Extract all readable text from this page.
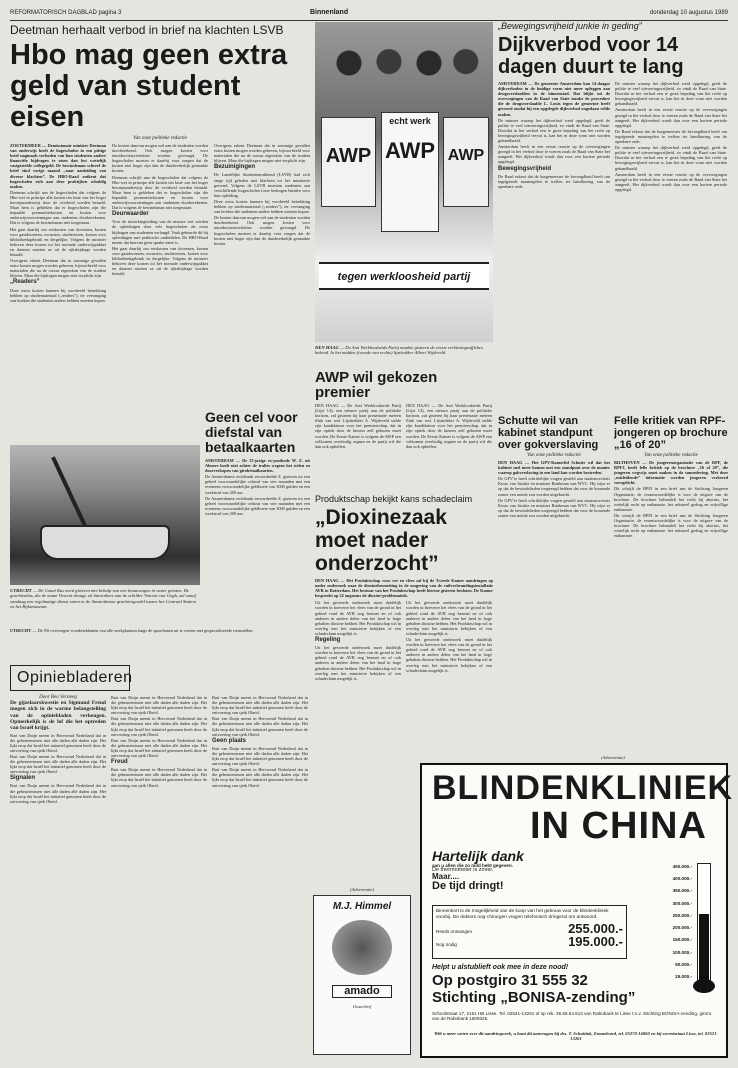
REFORMATORISCH DAGBLAD pagina 3	Binnenland	donderdag 10 augustus 1989
Deetman herhaalt verbod in brief na klachten LSVB
Hbo mag geen extra geld van student eisen
Van onze politieke redactie

ZOETERMEER — Demissionair minister Deetman van onderwijs heeft de hogescholen in een pittige brief nogmaals verboden van hun studenten andere financiële bijdragen te eisen dan het wettelijk vastgestelde collegegeld. De bewindsman schreef de brief eind vorige maand „naar aanleiding van diverse klachten”. De HBO-Raad ontkent dat hogescholen zich aan deze praktijken schuldig maken.

Deetman schrijft aan de hogescholen dat volgens de Hbo-wet in principe alle kosten ten laste van het hoger beroepsonderwijs door de overheid worden betaald. Maar hem is gebleken dat er hogescholen zijn die bepaalde premonitiekosten en kosten voor onderwijsvoorzieningen aan studenten doorberekenen. Dat is volgens de bewindsman niet toegestaan.

Het gaat daarbij om reiskosten van docenten, kosten voor gastdocenten, excursies, studiereizen, kosten voor bibliotheekgebruik en dergelijke. Volgens de minister behoren deze kosten tot het normale onderwijspakket en daarom moeten ze uit de rijksbijdrage worden betaald.

Overigens erkent Deetman dat in sommige gevallen extra kosten mogen worden geheven, bijvoorbeeld voor materialen die na de cursus eigendom van de student blijven. Maar die bijdragen mogen niet verplicht zijn.

„Readers”

Deze extra kosten kunnen bij voorbeeld betrekking hebben op studiemateriaal („readers”), ter vervanging van boeken die studenten anders hebben moeten kopen.

De kosten daarvan mogen wel aan de studenten worden doorberekend. Ook mogen kosten voor introductieactiviteiten worden gevraagd. De hogescholen moeten er daarbij voor zorgen dat de kosten niet hoger zijn dan de daadwerkelijk gemaakte kosten.

Deetman schrijft aan de hogescholen dat volgens de Hbo-wet in principe alle kosten ten laste van het hoger beroepsonderwijs door de overheid worden betaald. Maar hem is gebleken dat er hogescholen zijn die bepaalde premonitiekosten en kosten voor onderwijsvoorzieningen aan studenten doorberekenen. Dat is volgens de bewindsman niet toegestaan.

Deurwaarder

Voor de inwerkingtreding van de nieuwe wet werden de opleidingen door vele hogescholen als extra bijdragen van studenten verlangd. Vaak gebeurde dit bij opleidingen met praktische onderdelen. De HBO-Raad meent dat hiervan geen sprake meer is.

Het gaat daarbij om reiskosten van docenten, kosten voor gastdocenten, excursies, studiereizen, kosten voor bibliotheekgebruik en dergelijke. Volgens de minister behoren deze kosten tot het normale onderwijspakket en daarom moeten ze uit de rijksbijdrage worden betaald.

Overigens erkent Deetman dat in sommige gevallen extra kosten mogen worden geheven, bijvoorbeeld voor materialen die na de cursus eigendom van de student blijven. Maar die bijdragen mogen niet verplicht zijn.

Bezuinigingen

De Landelijke Studentenvakbond (LSVB) had zich enige tijd geleden met klachten tot het ministerie gewend. Volgens de LSVB moesten studenten aan verschillende hogescholen forse bedragen betalen voor hun opleiding.

Deze extra kosten kunnen bij voorbeeld betrekking hebben op studiemateriaal („readers”), ter vervanging van boeken die studenten anders hebben moeten kopen.

De kosten daarvan mogen wel aan de studenten worden doorberekend. Ook mogen kosten voor introductieactiviteiten worden gevraagd. De hogescholen moeten er daarbij voor zorgen dat de kosten niet hoger zijn dan de daadwerkelijk gemaakte kosten.

AWP
echt werk
AWP AWP
tegen werkloosheid partij
DEN HAAG — De Anti Werkloosheids Partij maakte gisteren de eerste verkiezingsaffiches bekend. In het midden (tweede van rechts) lijsttrekker Albert Wijdeveld.
„Bewegingsvrijheid junkie in geding”
Dijkverbod voor 14 dagen duurt te lang

AMSTERDAM — De gemeente Amsterdam kan 14-daagse dijkverboden in de huidige vorm niet meer opleggen aan drugsverslaafden in de binnenstad. Dat blijkt uit de overwegingen van de Raad van State inzake de procedure die de drugsverslaafde L. Louis tegen de gemeente heeft gevoerd omdat hij een opgelegde dijkverbod ongedaan wilde maken.

De minster waarop het dijkverbod werd opgelegd, geeft de politie te veel uitvoeringsvrijheid, zo vindt de Raad van State. Doordat in het verbod een te grote bepaling van het recht op bewegingsvrijheid vervat is, kan het in deze vorm niet worden gehandhaafd.

Amsterdam heeft in een eerste reactie op de overwegingen gezegd in het verbod door te voeren zoals de Raad van State het aangeeft. Het dijkverbod wordt dan voor een kortere periode opgelegd.

Bewegingsvrijheid

De Raad erkent dat de burgemeester de bevoegdheid heeft om ingrijpende maatregelen te treffen ter handhaving van de openbare orde.

De minster waarop het dijkverbod werd opgelegd, geeft de politie te veel uitvoeringsvrijheid, zo vindt de Raad van State. Doordat in het verbod een te grote bepaling van het recht op bewegingsvrijheid vervat is, kan het in deze vorm niet worden gehandhaafd.

Amsterdam heeft in een eerste reactie op de overwegingen gezegd in het verbod door te voeren zoals de Raad van State het aangeeft. Het dijkverbod wordt dan voor een kortere periode opgelegd.

De Raad erkent dat de burgemeester de bevoegdheid heeft om ingrijpende maatregelen te treffen ter handhaving van de openbare orde.

De minster waarop het dijkverbod werd opgelegd, geeft de politie te veel uitvoeringsvrijheid, zo vindt de Raad van State. Doordat in het verbod een te grote bepaling van het recht op bewegingsvrijheid vervat is, kan het in deze vorm niet worden gehandhaafd.

Amsterdam heeft in een eerste reactie op de overwegingen gezegd in het verbod door te voeren zoals de Raad van State het aangeeft. Het dijkverbod wordt dan voor een kortere periode opgelegd.

AWP wil gekozen premier

DEN HAAG — De Anti Werkloosheids Partij (Lijst 14), een nieuwe partij aan de politieke horizon, zal gisteren bij haar presentatie meteen flink van wal. Lijsttrekker A. Wijdeveld stelde zijn kandidatuur voor het premierschap, dat in zijn optiek door de kiezers zelf gekozen moet worden. De Eerste Kamer is volgens de AWP een volkomen overbodig orgaan en de partij wil die dan ook opheffen.

DEN HAAG — De Anti Werkloosheids Partij (Lijst 14), een nieuwe partij aan de politieke horizon, zal gisteren bij haar presentatie meteen flink van wal. Lijsttrekker A. Wijdeveld stelde zijn kandidatuur voor het premierschap, dat in zijn optiek door de kiezers zelf gekozen moet worden. De Eerste Kamer is volgens de AWP een volkomen overbodig orgaan en de partij wil die dan ook opheffen.

Geen cel voor diefstal van betaalkaarten

AMSTERDAM — De 33-jarige ex-postbode W. Z. uit Almere hoeft niet achter de tralies wegens het stelen en doorverkopen van girobetaalkaarten.

De Amsterdamse rechtbank veroordeelde Z. gisteren tot een geheel voorwaardelijke celstraf van vier maanden met een eveneens voorwaardelijke geldboete van 3000 gulden en een werkstraf van 200 uur.

De Amsterdamse rechtbank veroordeelde Z. gisteren tot een geheel voorwaardelijke celstraf van vier maanden met een eveneens voorwaardelijke geldboete van 3000 gulden en een werkstraf van 200 uur.

UTRECHT — De Canal Bus werd gisteren met behulp van een kraanwagen in water gelaten. De grachtenbus, die de maan Vincent draagt, zit binnenkort aan de schilder Vincent van Gogh, zal vanaf vandaag een regelmatige dienst varen in de Amsterdamse grachtengordel tussen het Centraal Station en het Rijksmuseum.
UTRECHT — De NS overwegen voordeurklanten van alle werkplaatsen langs de spoorbanen uit te voeren met gespecialiseerde treinstellen.
Schutte wil van kabinet standpunt over gokverslaving
Van onze politieke redactie

DEN HAAG — Het GPV-Kamerlid Schutte wil dat het kabinet snel meer komen met een standpunt over de manier waarop gokverslaving in een land kan worden bestreden.

De GPV'er heeft schriftelijke vragen gesteld aan staatssecretaris Kosto van Justitie en minister Brinkman van WVC. Hij wijst er op dat de bewindslieden toegezegd hebben dat voor de komende zomer een notitie zou worden uitgebracht.

De GPV'er heeft schriftelijke vragen gesteld aan staatssecretaris Kosto van Justitie en minister Brinkman van WVC. Hij wijst er op dat de bewindslieden toegezegd hebben dat voor de komende zomer een notitie zou worden uitgebracht.

Felle kritiek van RPF-jongeren op brochure „16 of 20”
Van onze politieke redactie

BILTHOVEN — De jongerenorganisatie van de RPF, de RPFJ, heeft felle kritiek op de brochure „16 of 20”, die jongeren wegwijs moet maken in de samenleving. Met deze „misleidende” informatie worden jongeren verkeerd voorgelicht.

Dit schrijft de RPFJ in een brief aan de Stichting Jongeren Organisatie, de verantwoordelijke is voor de uitgave van de brochure. De brochure behandelt het recht bij abortus, het wettelijk recht op euthanasie, het seksueel gedrag en vrijwillige euthanasie.

Dit schrijft de RPFJ in een brief aan de Stichting Jongeren Organisatie, de verantwoordelijke is voor de uitgave van de brochure. De brochure behandelt het recht bij abortus, het wettelijk recht op euthanasie, het seksueel gedrag en vrijwillige euthanasie.

Produktschap bekijkt kans schadeclaim
„Dioxinezaak moet nader onderzocht”
DEN HAAG — Het Produktschap voor vee en vlees zal bij de Tweede Kamer aandringen op nader onderzoek naar de dioxinebesmetting in de omgeving van de vuilverbrandingsinstallatie AVR in Rotterdam. Het bestuur van het Produktschap heeft hiertoe gisteren besloten. De Kamer bespreekt op 22 augustus de dioxine-problematiek.

Uit het gevoerde onderzoek moet duidelijk worden in hoeverre het vlees van de grond in het gebied rond de AVR nog besmet en of ook anderen in andere delen van het land in hoge gehalten dioxine hebben. Het Produktschap wil in overleg met het ministerie bekijken of een schadeclaim mogelijk is.

Regeling

Uit het gevoerde onderzoek moet duidelijk worden in hoeverre het vlees van de grond in het gebied rond de AVR nog besmet en of ook anderen in andere delen van het land in hoge gehalten dioxine hebben. Het Produktschap wil in overleg met het ministerie bekijken of een schadeclaim mogelijk is.

Uit het gevoerde onderzoek moet duidelijk worden in hoeverre het vlees van de grond in het gebied rond de AVR nog besmet en of ook anderen in andere delen van het land in hoge gehalten dioxine hebben. Het Produktschap wil in overleg met het ministerie bekijken of een schadeclaim mogelijk is.

Uit het gevoerde onderzoek moet duidelijk worden in hoeverre het vlees van de grond in het gebied rond de AVR nog besmet en of ook anderen in andere delen van het land in hoge gehalten dioxine hebben. Het Produktschap wil in overleg met het ministerie bekijken of een schadeclaim mogelijk is.

Opiniebladeren
Door Bea Versteeg

De gijzelaarskwestie en Sigmund Freud mogen zich in de warme belangstelling van de opiniebladen verheugen. Opmerkelijk is de lof die het optreden van Israël krijgt.

Bart van Duijn meent in Hervormd Nederland dat in die gebeurtenissen niet alle daden alle daden zijn. Het lijkt erop dat Israël het initiatief genomen heeft door de ontvoering van sjeik Obeid.

Bart van Duijn meent in Hervormd Nederland dat in die gebeurtenissen niet alle daden alle daden zijn. Het lijkt erop dat Israël het initiatief genomen heeft door de ontvoering van sjeik Obeid.

Signalen

Bart van Duijn meent in Hervormd Nederland dat in die gebeurtenissen niet alle daden alle daden zijn. Het lijkt erop dat Israël het initiatief genomen heeft door de ontvoering van sjeik Obeid.

Bart van Duijn meent in Hervormd Nederland dat in die gebeurtenissen niet alle daden alle daden zijn. Het lijkt erop dat Israël het initiatief genomen heeft door de ontvoering van sjeik Obeid.

Bart van Duijn meent in Hervormd Nederland dat in die gebeurtenissen niet alle daden alle daden zijn. Het lijkt erop dat Israël het initiatief genomen heeft door de ontvoering van sjeik Obeid.

Bart van Duijn meent in Hervormd Nederland dat in die gebeurtenissen niet alle daden alle daden zijn. Het lijkt erop dat Israël het initiatief genomen heeft door de ontvoering van sjeik Obeid.

Freud

Bart van Duijn meent in Hervormd Nederland dat in die gebeurtenissen niet alle daden alle daden zijn. Het lijkt erop dat Israël het initiatief genomen heeft door de ontvoering van sjeik Obeid.

Bart van Duijn meent in Hervormd Nederland dat in die gebeurtenissen niet alle daden alle daden zijn. Het lijkt erop dat Israël het initiatief genomen heeft door de ontvoering van sjeik Obeid.

Bart van Duijn meent in Hervormd Nederland dat in die gebeurtenissen niet alle daden alle daden zijn. Het lijkt erop dat Israël het initiatief genomen heeft door de ontvoering van sjeik Obeid.

Geen plaats

Bart van Duijn meent in Hervormd Nederland dat in die gebeurtenissen niet alle daden alle daden zijn. Het lijkt erop dat Israël het initiatief genomen heeft door de ontvoering van sjeik Obeid.

Bart van Duijn meent in Hervormd Nederland dat in die gebeurtenissen niet alle daden alle daden zijn. Het lijkt erop dat Israël het initiatief genomen heeft door de ontvoering van sjeik Obeid.

(Advertentie)
M.J. Himmel
amado
Oosterhof
(Advertentie)
BLINDENKLINIEK
IN CHINA
Hartelijk dank
aan u allen die zo mild hebt gegeven.
De thermometer is zover.
Maar....
De tijd dringt!
Binnenkort is de mogelijkheid van de koop van het gebouw voor de blindenkliniek voorbij. De doktors oog-chirurgen vragen telefonisch dringend om antwoord.
Reeds ontvangen	255.000.-
Nog nodig	195.000.-
450.000.-
400.000.-
350.000.-
300.000.-
250.000.-
200.000.-
150.000.-
100.000.-
50.000.-
25.000.-
Helpt u alstublieft ook mee in deze nood!
Op postgiro 31 555 32
Stichting „BONISA-zending”
Schoolstraat 17, 2161 HB Lisse. Tel. 02521-13261 of op rek. 35.65.54.613 van Rabobank te Lisse t.n.v. Stichting BONISA-zending, gironr. van de Rabobank 1609325.
Wilt u meer weten over dit aandringwerk, u kunt dit aanvragen bij drs. T. Schuitink, Emmeloord, tel. 05270-16060 en bij secretariaat Lisse, tel. 02521-13261
